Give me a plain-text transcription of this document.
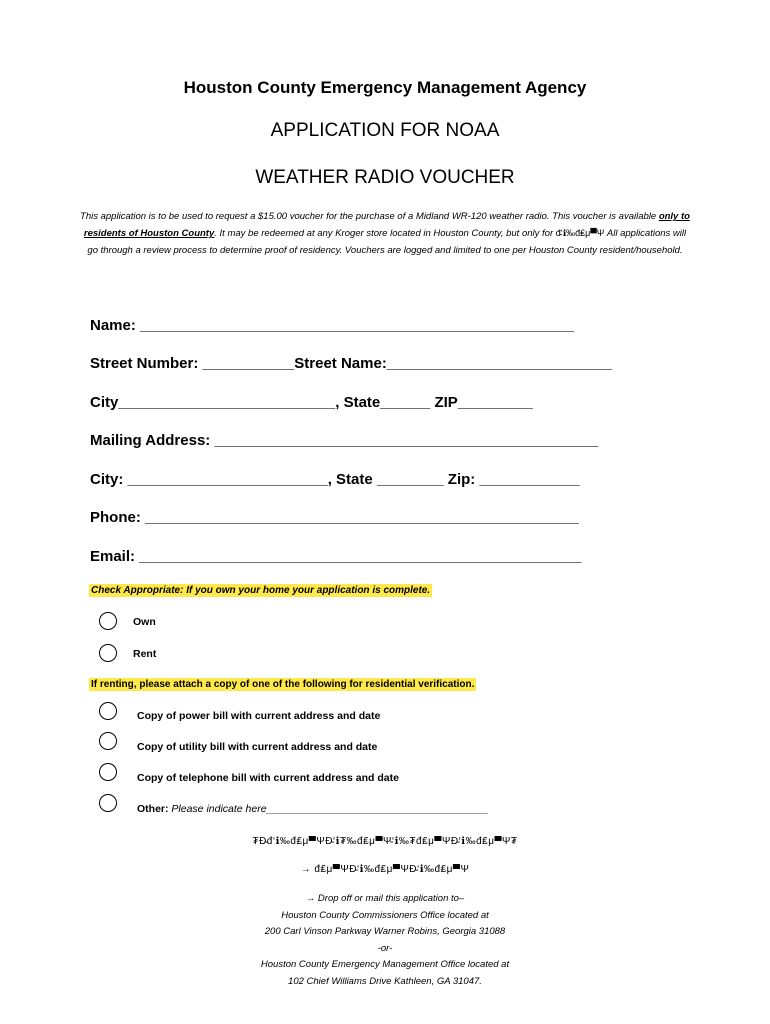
Houston County Emergency Management Agency
APPLICATION FOR NOAA
WEATHER RADIO VOUCHER
This application is to be used to request a $15.00 voucher for the purchase of a Midland WR-120 weather radio. This voucher is available only to residents of Houston County. It may be redeemed at any Kroger store located in Houston County, but only for đ̴‘ℹ‰đ₤μ▀Ψ All applications will go through a review process to determine proof of residency. Vouchers are logged and limited to one per Houston County resident/household.
Name: ____________________________________________________
Street Number: ___________Street Name:___________________________
City__________________________, State______ ZIP_________
Mailing Address: ______________________________________________
City: ________________________, State ________ Zip: ____________
Phone: ____________________________________________________
Email: _____________________________________________________
Check Appropriate: If you own your home your application is complete.
Own
Rent
If renting, please attach a copy of one of the following for residential verification.
Copy of power bill with current address and date
Copy of utility bill with current address and date
Copy of telephone bill with current address and date
Other: Please indicate here______________________________________
₮Đ̴đ‘ℹ‰đ₤μ▀ΨĐ̴‘ℹ₮‰đ₤μ▀Ψ̴‘ℹ‰₮đ₤μ▀ΨĐ̴‘ℹ‰đ₤μ▀Ψ₮
→ đ₤μ▀ΨĐ̴‘ℹ‰đ₤μ▀ΨĐ̴‘ℹ‰đ₤μ▀Ψ
→ Drop off or mail this application to–
Houston County Commissioners Office located at
200 Carl Vinson Parkway Warner Robins, Georgia 31088
-or-
Houston County Emergency Management Office located at
102 Chief Williams Drive Kathleen, GA 31047.
